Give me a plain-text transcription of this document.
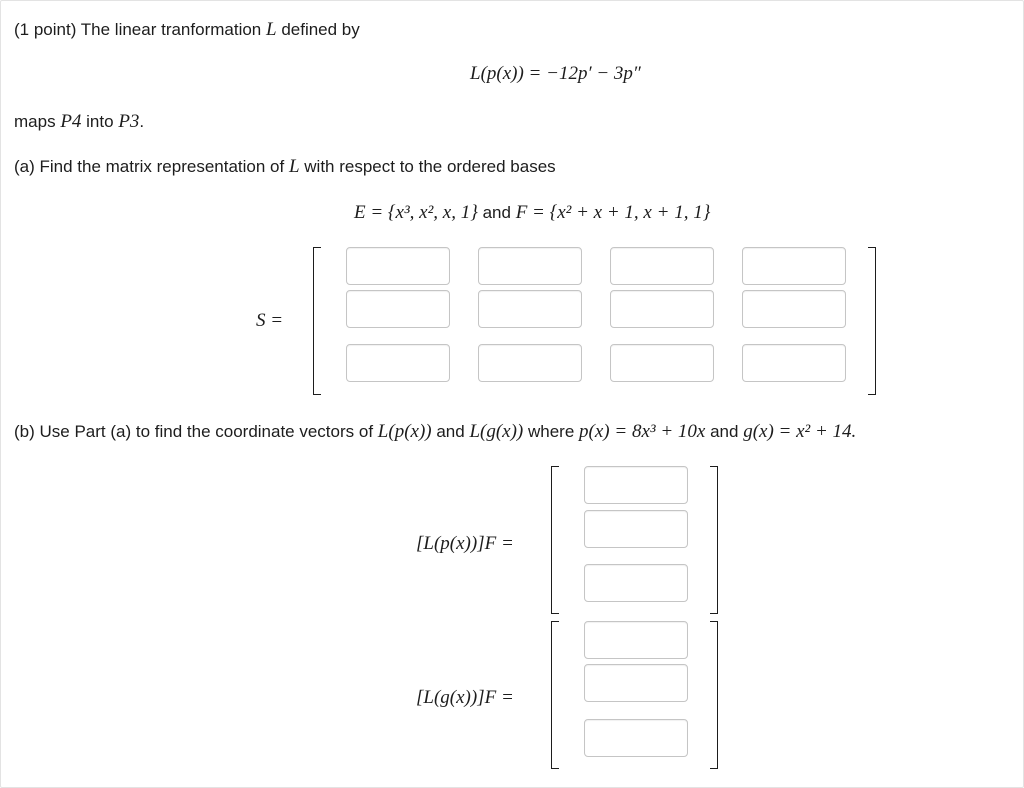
(1 point) The linear tranformation L defined by
L(p(x)) = −12p′ − 3p″
maps P4 into P3.
(a) Find the matrix representation of L with respect to the ordered bases
E = {x³, x², x, 1} and F = {x² + x + 1, x + 1, 1}
S =
(b) Use Part (a) to find the coordinate vectors of L(p(x)) and L(g(x)) where p(x) = 8x³ + 10x and g(x) = x² + 14.
[L(p(x))]F =
[L(g(x))]F =
